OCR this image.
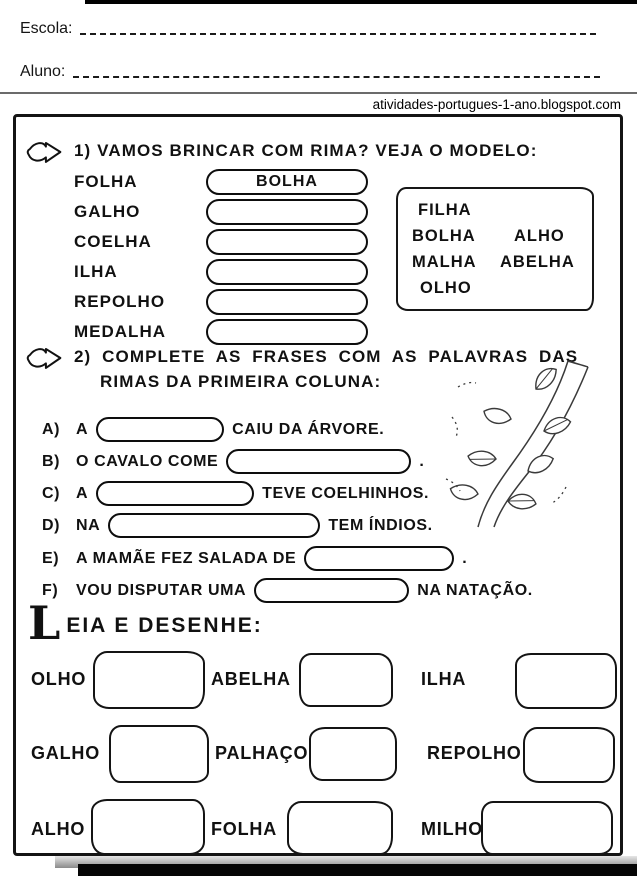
Escola:
Aluno:
atividades-portugues-1-ano.blogspot.com
1) VAMOS BRINCAR COM RIMA? VEJA O MODELO:
FOLHA	BOLHA
GALHO
COELHA
ILHA
REPOLHO
MEDALHA
FILHA
BOLHA ALHO
MALHA ABELHA
OLHO
2) COMPLETE AS FRASES COM AS PALAVRAS DAS
RIMAS DA PRIMEIRA COLUNA:
A) A	CAIU DA ÁRVORE.
B) O CAVALO COME	.
C) A	TEVE COELHINHOS.
D) NA	TEM ÍNDIOS.
E)	A MAMÃE FEZ SALADA DE	.
F)	VOU DISPUTAR UMA	NA NATAÇÃO.
L EIA E DESENHE:
OLHO	ABELHA	ILHA
GALHO	PALHAÇO	REPOLHO
ALHO	FOLHA	MILHO
